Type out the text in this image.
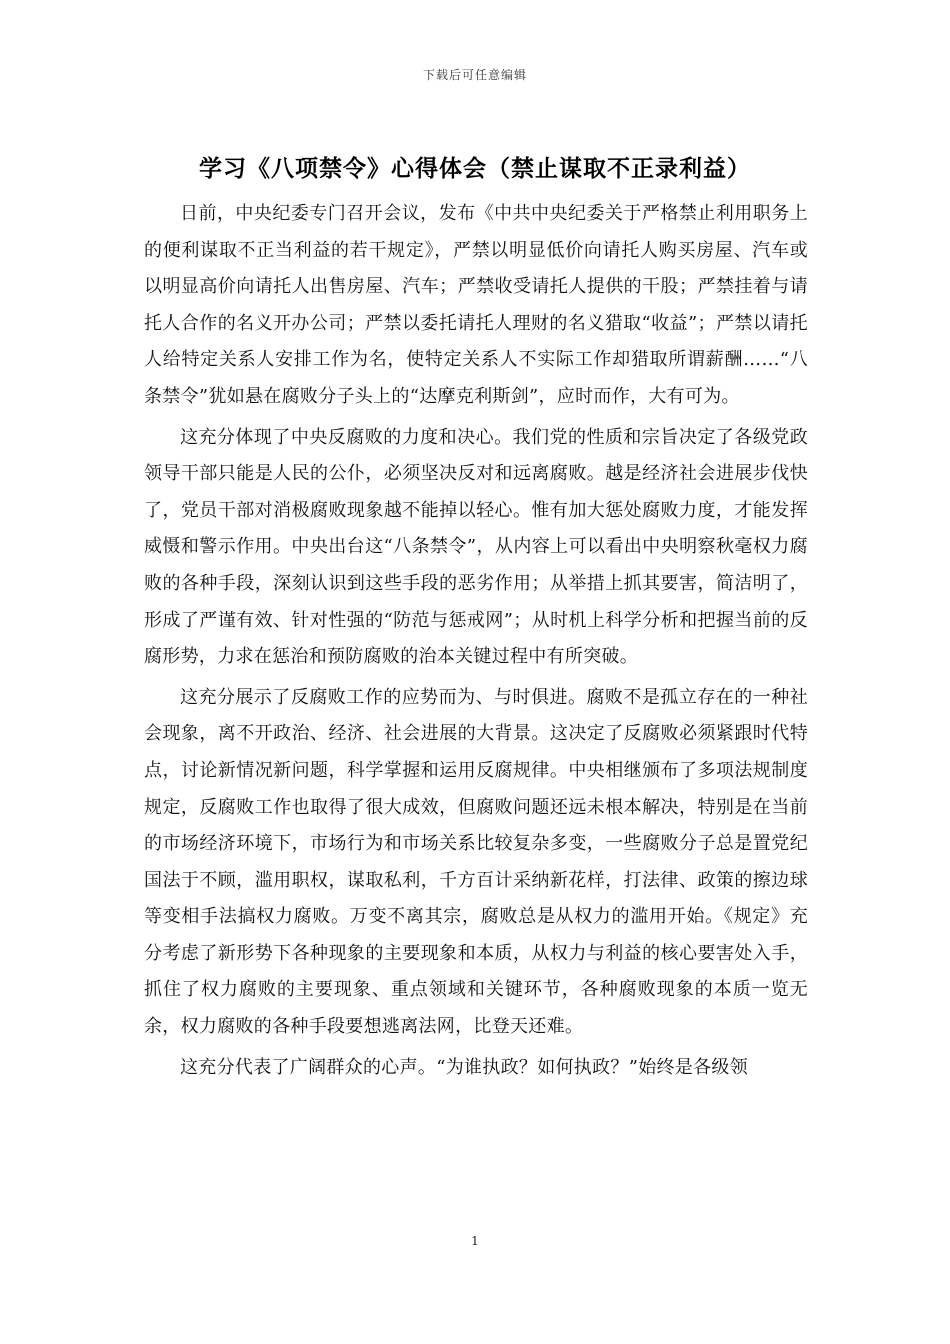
下载后可任意编辑
学习《八项禁令》心得体会（禁止谋取不正录利益）

日前，中央纪委专门召开会议，发布《中共中央纪委关于严格禁止利用职务上的便利谋取不正当利益的若干规定》，严禁以明显低价向请托人购买房屋、汽车或以明显高价向请托人出售房屋、汽车；严禁收受请托人提供的干股；严禁挂着与请托人合作的名义开办公司；严禁以委托请托人理财的名义猎取“收益”；严禁以请托人给特定关系人安排工作为名，使特定关系人不实际工作却猎取所谓薪酬……“八条禁令”犹如悬在腐败分子头上的“达摩克利斯剑”，应时而作，大有可为。

这充分体现了中央反腐败的力度和决心。我们党的性质和宗旨决定了各级党政领导干部只能是人民的公仆，必须坚决反对和远离腐败。越是经济社会进展步伐快了，党员干部对消极腐败现象越不能掉以轻心。惟有加大惩处腐败力度，才能发挥威慑和警示作用。中央出台这“八条禁令”，从内容上可以看出中央明察秋毫权力腐败的各种手段，深刻认识到这些手段的恶劣作用；从举措上抓其要害，简洁明了，形成了严谨有效、针对性强的“防范与惩戒网”；从时机上科学分析和把握当前的反腐形势，力求在惩治和预防腐败的治本关键过程中有所突破。

这充分展示了反腐败工作的应势而为、与时俱进。腐败不是孤立存在的一种社会现象，离不开政治、经济、社会进展的大背景。这决定了反腐败必须紧跟时代特点，讨论新情况新问题，科学掌握和运用反腐规律。中央相继颁布了多项法规制度规定，反腐败工作也取得了很大成效，但腐败问题还远未根本解决，特别是在当前的市场经济环境下，市场行为和市场关系比较复杂多变，一些腐败分子总是置党纪国法于不顾，滥用职权，谋取私利，千方百计采纳新花样，打法律、政策的擦边球等变相手法搞权力腐败。万变不离其宗，腐败总是从权力的滥用开始。《规定》充分考虑了新形势下各种现象的主要现象和本质，从权力与利益的核心要害处入手，抓住了权力腐败的主要现象、重点领域和关键环节，各种腐败现象的本质一览无余，权力腐败的各种手段要想逃离法网，比登天还难。

这充分代表了广阔群众的心声。“为谁执政？如何执政？”始终是各级领

1
